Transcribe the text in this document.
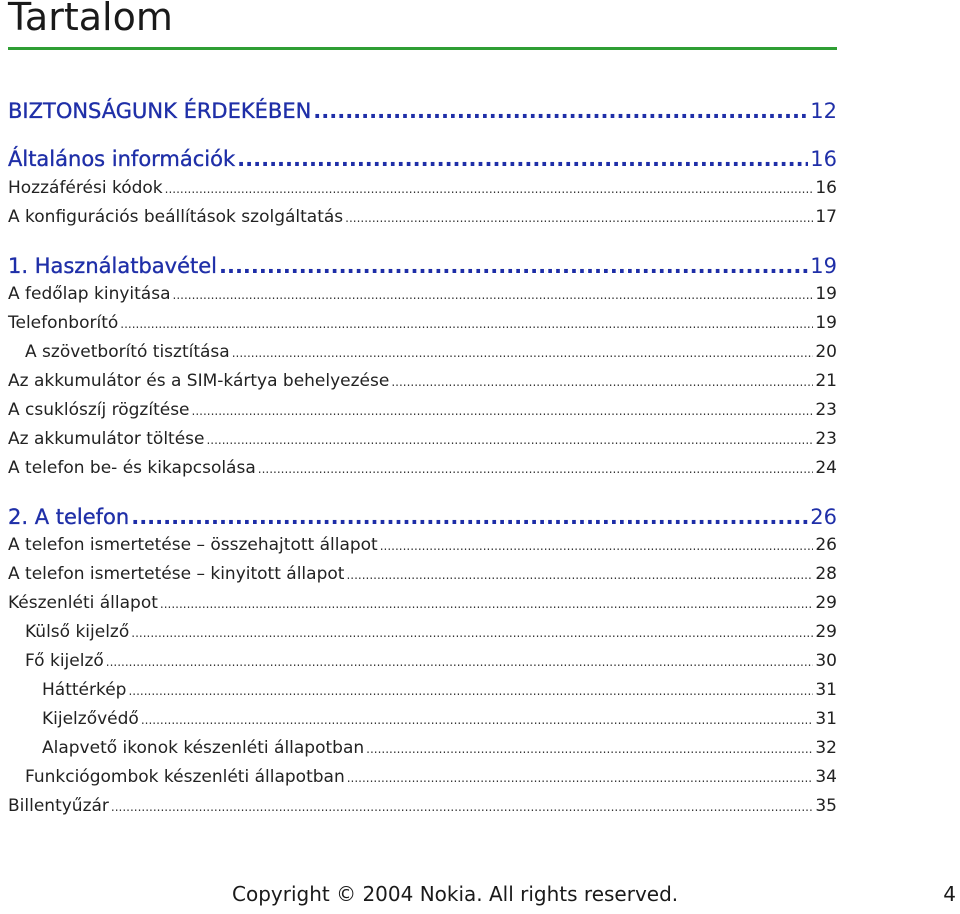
Tartalom
BIZTONSÁGUNK ÉRDEKÉBEN .....	12
Általános információk .....	16
Hozzáférési kódok .....	16
A konfigurációs beállítások szolgáltatás .....	17
1. Használatbavétel .....	19
A fedőlap kinyitása .....	19
Telefonborító .....	19
A szövetborító tisztítása .....	20
Az akkumulátor és a SIM-kártya behelyezése .....	21
A csuklószíj rögzítése .....	23
Az akkumulátor töltése .....	23
A telefon be- és kikapcsolása .....	24
2. A telefon .....	26
A telefon ismertetése – összehajtott állapot .....	26
A telefon ismertetése – kinyitott állapot .....	28
Készenléti állapot .....	29
Külső kijelző .....	29
Fő kijelző .....	30
Háttérkép .....	31
Kijelzővédő .....	31
Alapvető ikonok készenléti állapotban .....	32
Funkciógombok készenléti állapotban .....	34
Billentyűzár .....	35
Copyright © 2004 Nokia. All rights reserved.	4
